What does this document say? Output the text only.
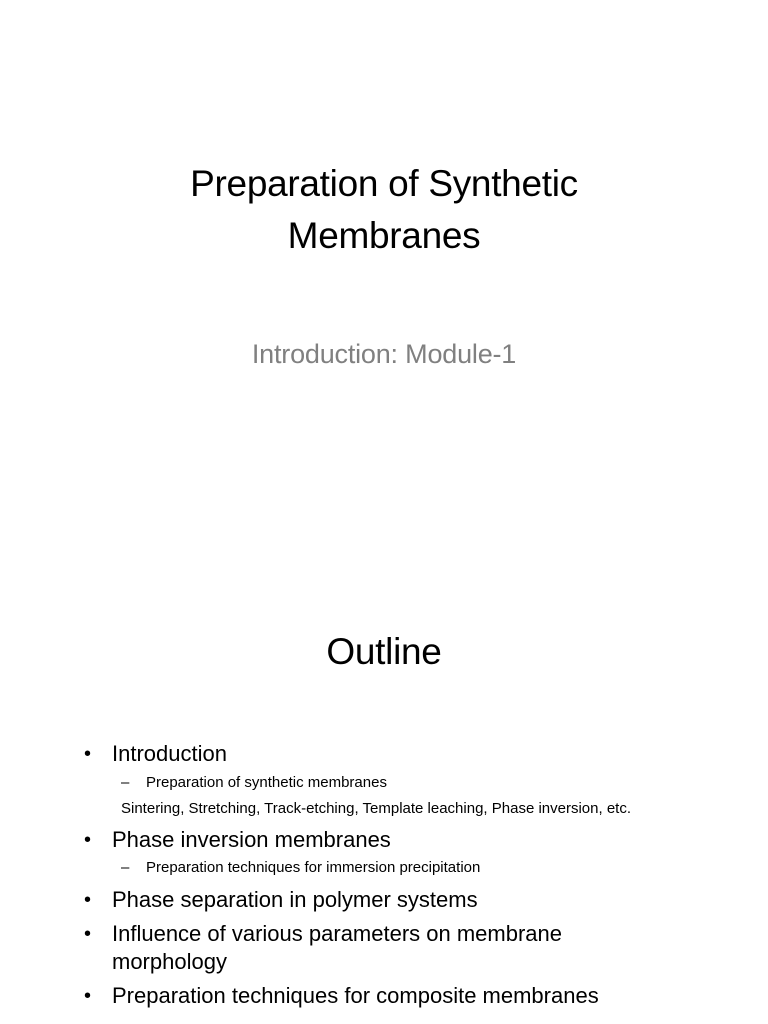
Preparation of Synthetic
Membranes
Introduction: Module-1
Outline
• Introduction
– Preparation of synthetic membranes
Sintering, Stretching, Track-etching, Template leaching, Phase inversion, etc.
• Phase inversion membranes
– Preparation techniques for immersion precipitation
• Phase separation in polymer systems
• Influence of various parameters on membrane
morphology
• Preparation techniques for composite membranes
